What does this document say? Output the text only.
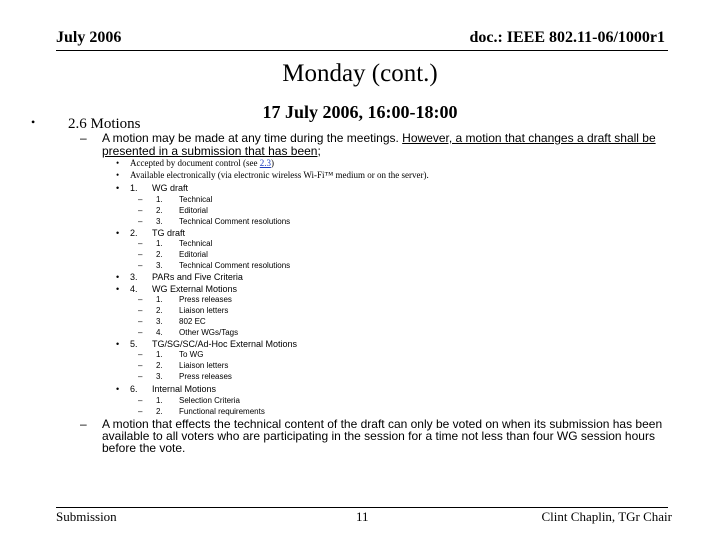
July 2006	doc.: IEEE 802.11-06/1000r1
Monday (cont.)
17 July 2006, 16:00-18:00
• 2.6 Motions
– A motion may be made at any time during the meetings. However, a motion that changes a draft shall be
presented in a submission that has been;
• Accepted by document control (see 2.3)
• Available electronically (via electronic wireless Wi-Fi™ medium or on the server).
• 1. WG draft
– 1. Technical
– 2. Editorial
– 3. Technical Comment resolutions
• 2. TG draft
– 1. Technical
– 2. Editorial
– 3. Technical Comment resolutions
• 3. PARs and Five Criteria
• 4. WG External Motions
– 1. Press releases
– 2. Liaison letters
– 3. 802 EC
– 4. Other WGs/Tags
• 5. TG/SG/SC/Ad-Hoc External Motions
– 1. To WG
– 2. Liaison letters
– 3. Press releases
• 6. Internal Motions
– 1. Selection Criteria
– 2. Functional requirements
– A motion that effects the technical content of the draft can only be voted on when its submission has been
available to all voters who are participating in the session for a time not less than four WG session hours
before the vote.
Submission	11	Clint Chaplin, TGr Chair
